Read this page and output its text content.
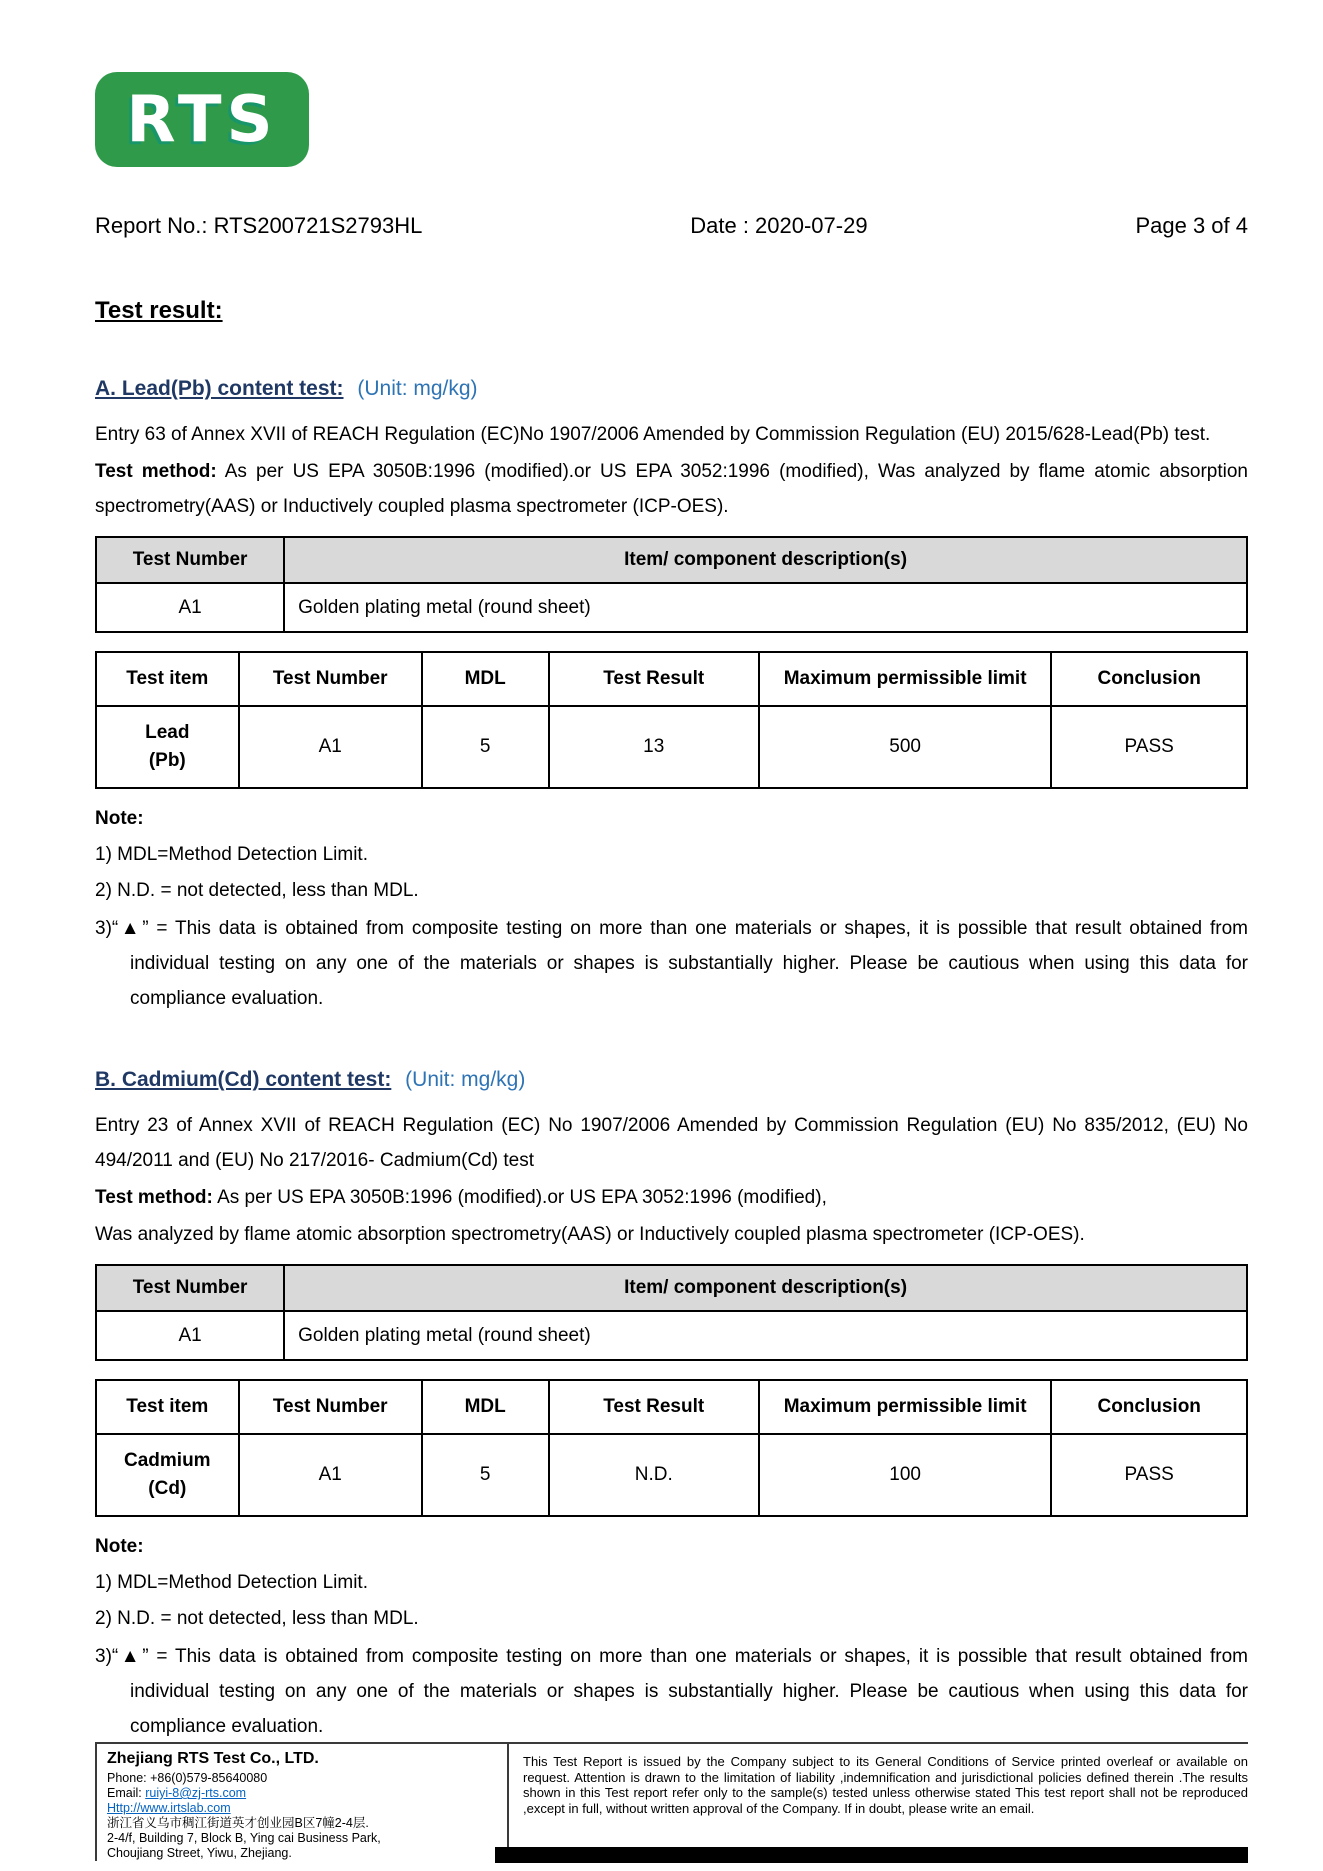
RTS
Report No.: RTS200721S2793HL	Date : 2020-07-29	Page 3 of 4
Test result:
A. Lead(Pb) content test: (Unit: mg/kg)

Entry 63 of Annex XVII of REACH Regulation (EC)No 1907/2006 Amended by Commission Regulation (EU) 2015/628-Lead(Pb) test.

Test method: As per US EPA 3050B:1996 (modified).or US EPA 3052:1996 (modified), Was analyzed by flame atomic absorption spectrometry(AAS) or Inductively coupled plasma spectrometer (ICP-OES).

Test Number	Item/ component description(s)
A1	Golden plating metal (round sheet)
Test item	Test Number	MDL	Test Result	Maximum permissible limit	Conclusion

Lead
(Pb)	A1	5	13	500	PASS
Note:
1) MDL=Method Detection Limit.
2) N.D. = not detected, less than MDL.
3)“▲” = This data is obtained from composite testing on more than one materials or shapes, it is possible that result obtained from individual testing on any one of the materials or shapes is substantially higher. Please be cautious when using this data for compliance evaluation.
B. Cadmium(Cd) content test: (Unit: mg/kg)

Entry 23 of Annex XVII of REACH Regulation (EC) No 1907/2006 Amended by Commission Regulation (EU) No 835/2012, (EU) No 494/2011 and (EU) No 217/2016- Cadmium(Cd) test

Test method: As per US EPA 3050B:1996 (modified).or US EPA 3052:1996 (modified),

Was analyzed by flame atomic absorption spectrometry(AAS) or Inductively coupled plasma spectrometer (ICP-OES).

Test Number	Item/ component description(s)
A1	Golden plating metal (round sheet)
Test item	Test Number	MDL	Test Result	Maximum permissible limit	Conclusion

Cadmium
(Cd)	A1	5	N.D.	100	PASS
Note:
1) MDL=Method Detection Limit.
2) N.D. = not detected, less than MDL.
3)“▲” = This data is obtained from composite testing on more than one materials or shapes, it is possible that result obtained from individual testing on any one of the materials or shapes is substantially higher. Please be cautious when using this data for compliance evaluation.
Zhejiang RTS Test Co., LTD.
Phone: +86(0)579-85640080
Email: ruiyi-8@zj-rts.com
Http://www.irtslab.com
浙江省义乌市稠江街道英才创业园B区7幢2-4层.
2-4/f, Building 7, Block B, Ying cai Business Park,
Choujiang Street, Yiwu, Zhejiang.
This Test Report is issued by the Company subject to its General Conditions of Service printed overleaf or available on request. Attention is drawn to the limitation of liability ,indemnification and jurisdictional policies defined therein .The results shown in this Test report refer only to the sample(s) tested unless otherwise stated This test report shall not be reproduced ,except in full, without written approval of the Company. If in doubt, please write an email.
